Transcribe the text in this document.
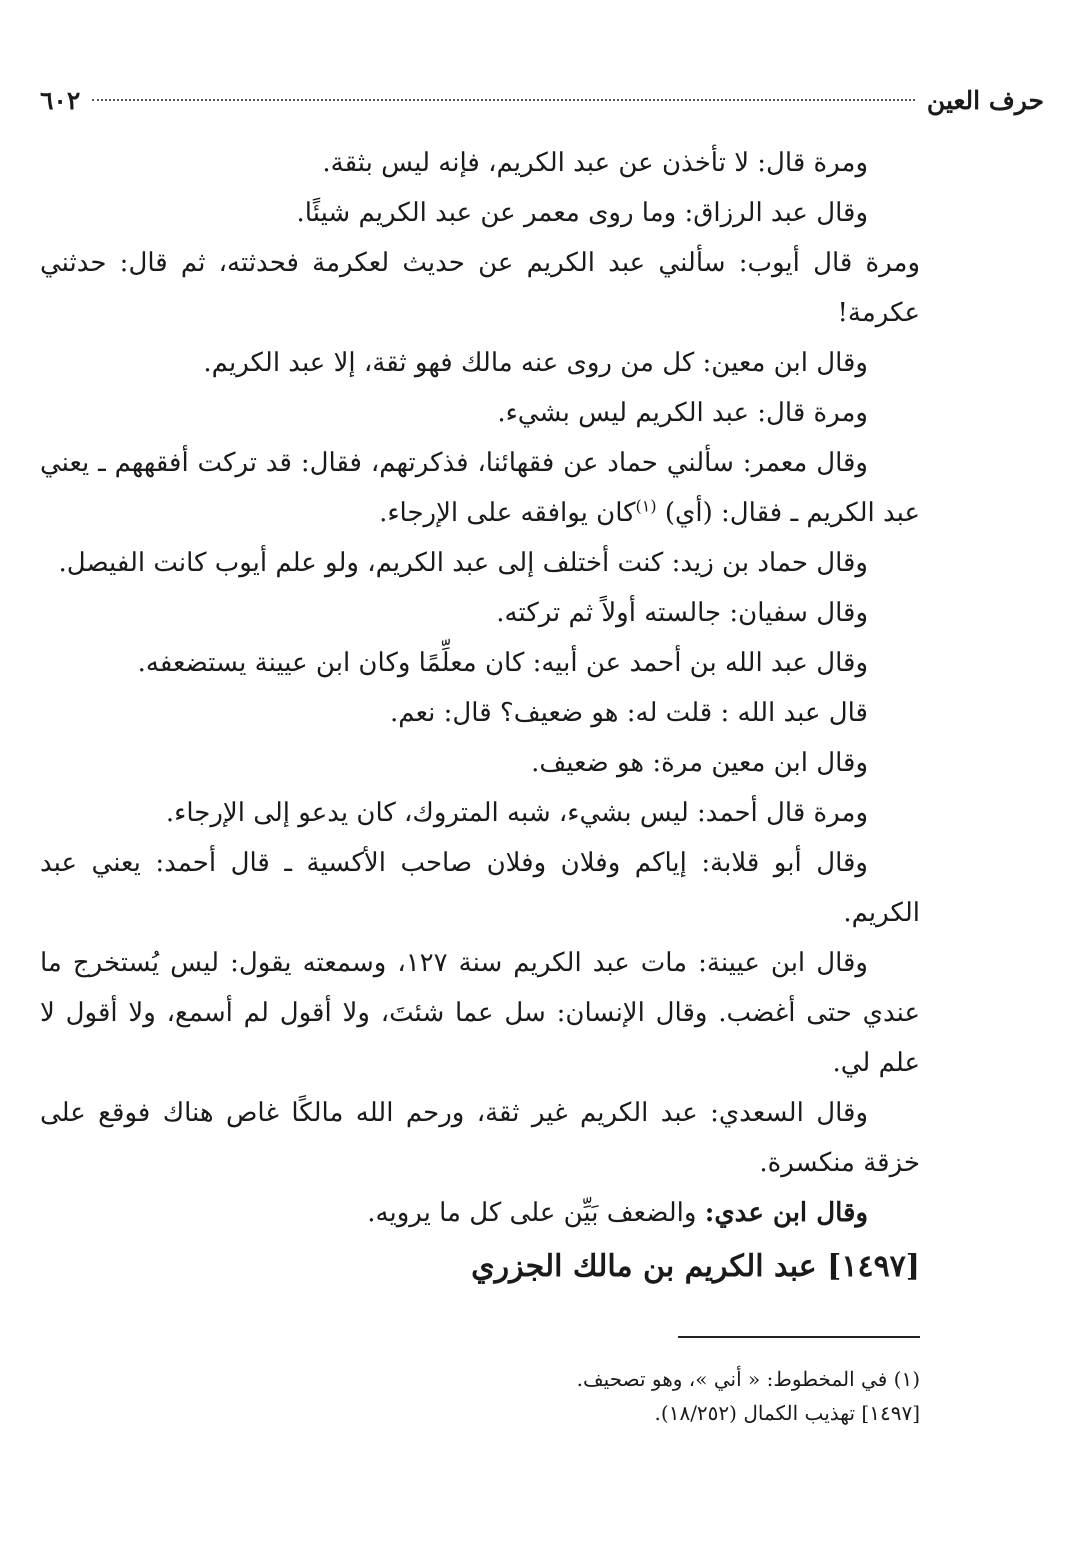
حرف العين
٦٠٢

ومرة قال: لا تأخذن عن عبد الكريم، فإنه ليس بثقة.

وقال عبد الرزاق: وما روى معمر عن عبد الكريم شيئًا.

ومرة قال أيوب: سألني عبد الكريم عن حديث لعكرمة فحدثته، ثم قال: حدثني عكرمة!

وقال ابن معين: كل من روى عنه مالك فهو ثقة، إلا عبد الكريم.

ومرة قال: عبد الكريم ليس بشيء.

وقال معمر: سألني حماد عن فقهائنا، فذكرتهم، فقال: قد تركت أفقههم ـ يعني عبد الكريم ـ فقال: (أي) $^{(١)}$كان يوافقه على الإرجاء.

وقال حماد بن زيد: كنت أختلف إلى عبد الكريم، ولو علم أيوب كانت الفيصل.

وقال سفيان: جالسته أولاً ثم تركته.

وقال عبد الله بن أحمد عن أبيه: كان معلِّمًا وكان ابن عيينة يستضعفه.

قال عبد الله : قلت له: هو ضعيف؟ قال: نعم.

وقال ابن معين مرة: هو ضعيف.

ومرة قال أحمد: ليس بشيء، شبه المتروك، كان يدعو إلى الإرجاء.

وقال أبو قلابة: إياكم وفلان وفلان صاحب الأكسية ـ قال أحمد: يعني عبد الكريم.

وقال ابن عيينة: مات عبد الكريم سنة ١٢٧، وسمعته يقول: ليس يُستخرج ما عندي حتى أغضب. وقال الإنسان: سل عما شئتَ، ولا أقول لم أسمع، ولا أقول لا علم لي.

وقال السعدي: عبد الكريم غير ثقة، ورحم الله مالكًا غاص هناك فوقع على خزقة منكسرة.

وقال ابن عدي: والضعف بَيِّن على كل ما يرويه.

[١٤٩٧] عبد الكريم بن مالك الجزري

(١) في المخطوط: « أني »، وهو تصحيف.

[١٤٩٧] تهذيب الكمال (١٨/٢٥٢).
